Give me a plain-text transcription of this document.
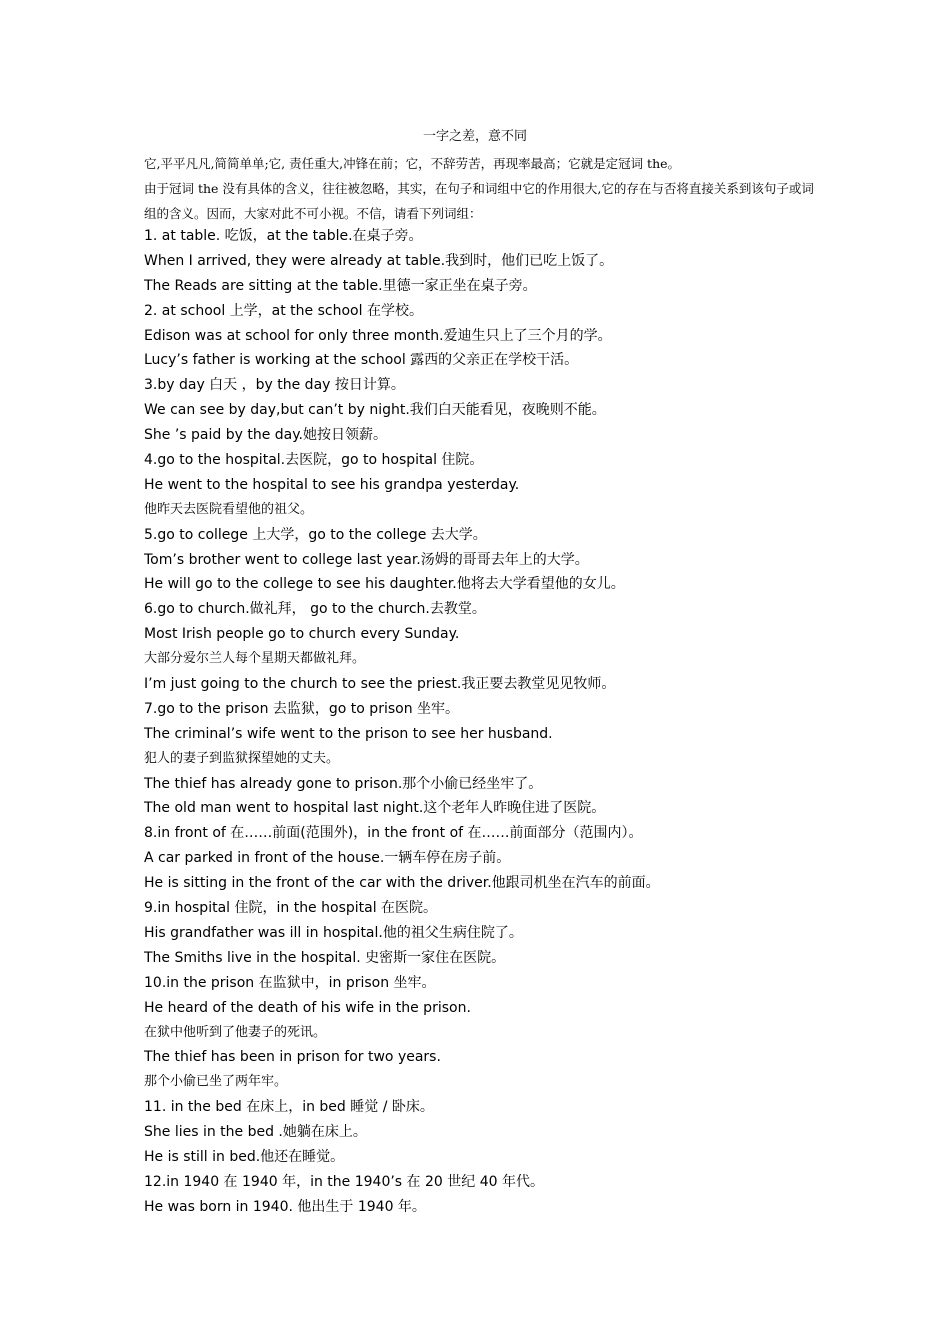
一字之差，意不同

它,平平凡凡,简简单单;它, 责任重大,冲锋在前；它，不辞劳苦，再现率最高；它就是定冠词 the。

由于冠词 the 没有具体的含义，往往被忽略，其实，在句子和词组中它的作用很大,它的存在与否将直接关系到该句子或词组的含义。因而，大家对此不可小视。不信，请看下列词组：

1. at table. 吃饭，at the table.在桌子旁。
When I arrived, they were already at table.我到时，他们已吃上饭了。
The Reads are sitting at the table.里德一家正坐在桌子旁。
2. at school 上学，at the school 在学校。
Edison was at school for only three month.爱迪生只上了三个月的学。
Lucy’s father is working at the school 露西的父亲正在学校干活。
3.by day 白天 ，by the day 按日计算。
We can see by day,but can’t by night.我们白天能看见，夜晚则不能。
She ’s paid by the day.她按日领薪。
4.go to the hospital.去医院，go to hospital 住院。
He went to the hospital to see his grandpa yesterday.
他昨天去医院看望他的祖父。
5.go to college 上大学，go to the college 去大学。
Tom’s brother went to college last year.汤姆的哥哥去年上的大学。
He will go to the college to see his daughter.他将去大学看望他的女儿。
6.go to church.做礼拜， go to the church.去教堂。
Most Irish people go to church every Sunday.
大部分爱尔兰人每个星期天都做礼拜。
I’m just going to the church to see the priest.我正要去教堂见见牧师。
7.go to the prison 去监狱，go to prison 坐牢。
The criminal’s wife went to the prison to see her husband.
犯人的妻子到监狱探望她的丈夫。
The thief has already gone to prison.那个小偷已经坐牢了。
The old man went to hospital last night.这个老年人昨晚住进了医院。
8.in front of 在……前面(范围外)，in the front of 在……前面部分（范围内）。
A car parked in front of the house.一辆车停在房子前。
He is sitting in the front of the car with the driver.他跟司机坐在汽车的前面。
9.in hospital 住院，in the hospital 在医院。
His grandfather was ill in hospital.他的祖父生病住院了。
The Smiths live in the hospital. 史密斯一家住在医院。
10.in the prison 在监狱中，in prison 坐牢。
He heard of the death of his wife in the prison.
在狱中他听到了他妻子的死讯。
The thief has been in prison for two years.
那个小偷已坐了两年牢。
11. in the bed 在床上，in bed 睡觉 / 卧床。
She lies in the bed .她躺在床上。
He is still in bed.他还在睡觉。
12.in 1940 在 1940 年，in the 1940’s 在 20 世纪 40 年代。
He was born in 1940. 他出生于 1940 年。
